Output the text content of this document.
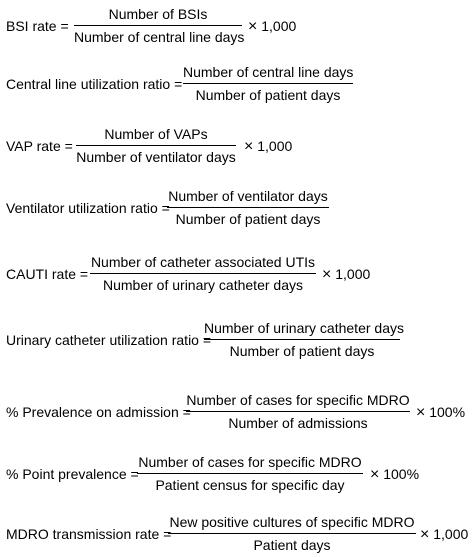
BSI rate =
Number of BSIs
Number of central line days
× 1,000
Central line utilization ratio =
Number of central line days
Number of patient days
VAP rate =
Number of VAPs
Number of ventilator days
× 1,000
Ventilator utilization ratio =
Number of ventilator days
Number of patient days
CAUTI rate =
Number of catheter associated UTIs
Number of urinary catheter days
× 1,000
Urinary catheter utilization ratio =
Number of urinary catheter days
Number of patient days
% Prevalence on admission =
Number of cases for specific MDRO
Number of admissions
× 100%
% Point prevalence =
Number of cases for specific MDRO
Patient census for specific day
× 100%
MDRO transmission rate =
New positive cultures of specific MDRO
Patient days
× 1,000
